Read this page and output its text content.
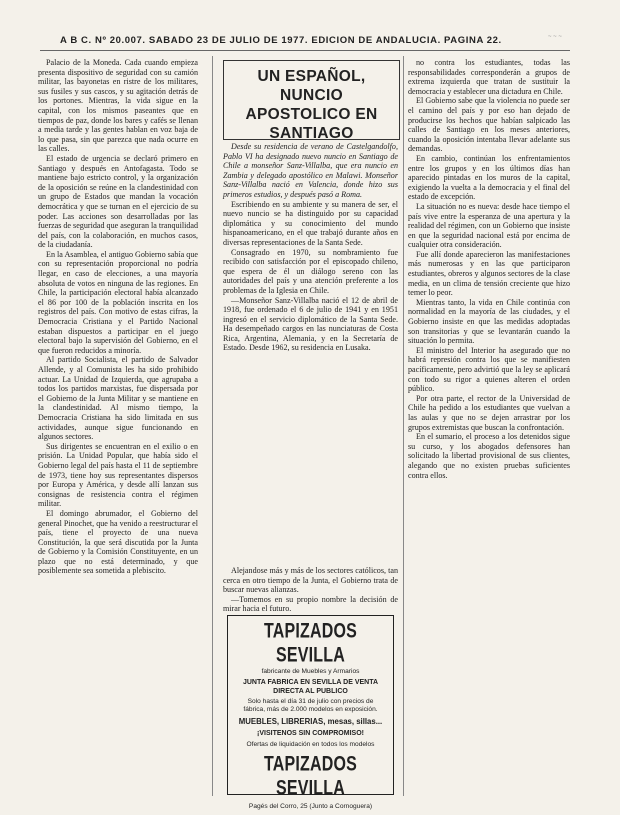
A B C. Nº 20.007. SABADO 23 DE JULIO DE 1977. EDICION DE ANDALUCIA. PAGINA 22.	~ ~ ~

Palacio de la Moneda. Cada cuando empieza presenta dispositivo de seguridad con su camión militar, las bayonetas en ristre de los militares, sus fusiles y sus cascos, y su agitación detrás de los portones. Mientras, la vida sigue en la capital, con los mismos paseantes que en tiempos de paz, donde los bares y cafés se llenan a media tarde y las gentes hablan en voz baja de lo que pasa, sin que parezca que nada ocurre en las calles.

El estado de urgencia se declaró primero en Santiago y después en Antofagasta. Todo se mantiene bajo estricto control, y la organización de la oposición se reúne en la clandestinidad con un grupo de Estados que mandan la vocación democrática y que se turnan en el ejercicio de su poder. Las acciones son desarrolladas por las fuerzas de seguridad que aseguran la tranquilidad del país, con la colaboración, en muchos casos, de la ciudadanía.

En la Asamblea, el antiguo Gobierno sabía que con su representación proporcional no podría llegar, en caso de elecciones, a una mayoría absoluta de votos en ninguna de las regiones. En Chile, la participación electoral había alcanzado el 86 por 100 de la población inscrita en los registros del país. Con motivo de estas cifras, la Democracia Cristiana y el Partido Nacional estaban dispuestos a participar en el juego electoral bajo la supervisión del Gobierno, en el que fueron reducidos a minoría.

Al partido Socialista, el partido de Salvador Allende, y al Comunista les ha sido prohibido actuar. La Unidad de Izquierda, que agrupaba a todos los partidos marxistas, fue dispersada por el Gobierno de la Junta Militar y se mantiene en la clandestinidad. Al mismo tiempo, la Democracia Cristiana ha sido limitada en sus actividades, aunque sigue funcionando en algunos sectores.

Sus dirigentes se encuentran en el exilio o en prisión. La Unidad Popular, que había sido el Gobierno legal del país hasta el 11 de septiembre de 1973, tiene hoy sus representantes dispersos por Europa y América, y desde allí lanzan sus consignas de resistencia contra el régimen militar.

El domingo abrumador, el Gobierno del general Pinochet, que ha venido a reestructurar el país, tiene el proyecto de una nueva Constitución, la que será discutida por la Junta de Gobierno y la Comisión Constituyente, en un plazo que no está determinado, y que posiblemente sea sometida a plebiscito.

UN ESPAÑOL, NUNCIO APOSTOLICO EN SANTIAGO

Desde su residencia de verano de Castelgandolfo, Pablo VI ha designado nuevo nuncio en Santiago de Chile a monseñor Sanz-Villalba, que era nuncio en Zambia y delegado apostólico en Malawi. Monseñor Sanz-Villalba nació en Valencia, donde hizo sus primeros estudios, y después pasó a Roma.

Escribiendo en su ambiente y su manera de ser, el nuevo nuncio se ha distinguido por su capacidad diplomática y su conocimiento del mundo hispanoamericano, en el que trabajó durante años en diversas representaciones de la Santa Sede.

Consagrado en 1970, su nombramiento fue recibido con satisfacción por el episcopado chileno, que espera de él un diálogo sereno con las autoridades del país y una atención preferente a los problemas de la Iglesia en Chile.

—Monseñor Sanz-Villalba nació el 12 de abril de 1918, fue ordenado el 6 de julio de 1941 y en 1951 ingresó en el servicio diplomático de la Santa Sede. Ha desempeñado cargos en las nunciaturas de Costa Rica, Argentina, Alemania, y en la Secretaría de Estado. Desde 1962, su residencia en Lusaka.

Alejandose más y más de los sectores católicos, tan cerca en otro tiempo de la Junta, el Gobierno trata de buscar nuevas alianzas.

—Tomemos en su propio nombre la decisión de mirar hacia el futuro.

TAPIZADOS SEVILLA
fabricante de Muebles y Armarios
JUNTA FABRICA EN SEVILLA DE VENTA DIRECTA AL PUBLICO
Solo hasta el día 31 de julio con precios de fábrica, más de 2.000 modelos en exposición.
MUEBLES, LIBRERIAS, mesas, sillas...
¡VISITENOS SIN COMPROMISO!
Ofertas de liquidación en todos los modelos
TAPIZADOS SEVILLA
Pagés del Corro, 25 (Junto a Cornoguera)

no contra los estudiantes, todas las responsabilidades corresponderán a grupos de extrema izquierda que tratan de sustituir la democracia y establecer una dictadura en Chile.

El Gobierno sabe que la violencia no puede ser el camino del país y por eso han dejado de producirse los hechos que habían salpicado las calles de Santiago en los meses anteriores, cuando la oposición intentaba llevar adelante sus demandas.

En cambio, continúan los enfrentamientos entre los grupos y en los últimos días han aparecido pintadas en los muros de la capital, exigiendo la vuelta a la democracia y el final del estado de excepción.

La situación no es nueva: desde hace tiempo el país vive entre la esperanza de una apertura y la realidad del régimen, con un Gobierno que insiste en que la seguridad nacional está por encima de cualquier otra consideración.

Fue allí donde aparecieron las manifestaciones más numerosas y en las que participaron estudiantes, obreros y algunos sectores de la clase media, en un clima de tensión creciente que hizo temer lo peor.

Mientras tanto, la vida en Chile continúa con normalidad en la mayoría de las ciudades, y el Gobierno insiste en que las medidas adoptadas son transitorias y que se levantarán cuando la situación lo permita.

El ministro del Interior ha asegurado que no habrá represión contra los que se manifiesten pacíficamente, pero advirtió que la ley se aplicará con todo su rigor a quienes alteren el orden público.

Por otra parte, el rector de la Universidad de Chile ha pedido a los estudiantes que vuelvan a las aulas y que no se dejen arrastrar por los grupos extremistas que buscan la confrontación.

En el sumario, el proceso a los detenidos sigue su curso, y los abogados defensores han solicitado la libertad provisional de sus clientes, alegando que no existen pruebas suficientes contra ellos.
